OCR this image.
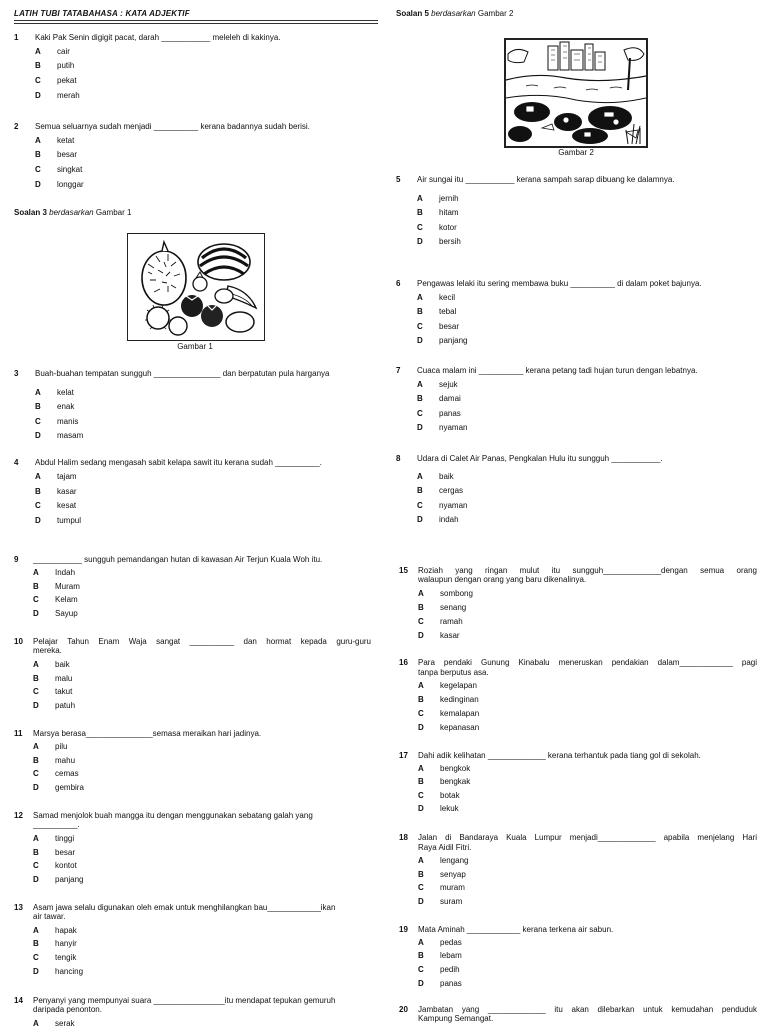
LATIH TUBI TATABAHASA : KATA ADJEKTIF
1	Kaki Pak Senin digigit pacat, darah ___________ meleleh di kakinya.
A cair
B putih
C pekat
D merah
2	Semua seluarnya sudah menjadi __________ kerana badannya sudah berisi.
A ketat
B besar
C singkat
D longgar
Soalan 3 berdasarkan Gambar 1
Gambar 1
3	Buah-buahan tempatan sungguh _______________ dan berpatutan pula harganya
A kelat
B enak
C manis
D masam
4	Abdul Halim sedang mengasah sabit kelapa sawit itu kerana sudah __________.
A tajam
B kasar
C kesat
D tumpul
9	___________ sungguh pemandangan hutan di kawasan Air Terjun Kuala Woh itu.
A Indah
B Muram
C Kelam
D Sayup
10	Pelajar Tahun Enam Waja sangat __________ dan hormat kepada guru-guru
mereka.
A baik
B malu
C takut
D patuh
11	Marsya berasa_______________semasa meraikan hari jadinya.
A pilu
B mahu
C cemas
D gembira
12	Samad menjolok buah mangga itu dengan menggunakan sebatang galah yang
__________.
A tinggi
B besar
C kontot
D panjang
13	Asam jawa selalu digunakan oleh emak untuk menghilangkan bau____________ikan
air tawar.
A hapak
B hanyir
C tengik
D hancing
14	Penyanyi yang mempunyai suara ________________itu mendapat tepukan gemuruh
daripada penonton.
A serak
Soalan 5 berdasarkan Gambar 2
Gambar 2
5	Air sungai itu ___________ kerana sampah sarap dibuang ke dalamnya.
A jernih
B hitam
C kotor
D bersih
6	Pengawas lelaki itu sering membawa buku __________ di dalam poket bajunya.
A kecil
B tebal
C besar
D panjang
7	Cuaca malam ini __________ kerana petang tadi hujan turun dengan lebatnya.
A sejuk
B damai
C panas
D nyaman
8	Udara di Calet Air Panas, Pengkalan Hulu itu sungguh ___________.
A baik
B cergas
C nyaman
D indah
15	Roziah yang ringan mulut itu sungguh_____________dengan semua orang
walaupun dengan orang yang baru dikenalinya.
A sombong
B senang
C ramah
D kasar
16	Para pendaki Gunung Kinabalu meneruskan pendakian dalam____________ pagi
tanpa berputus asa.
A kegelapan
B kedinginan
C kemalapan
D kepanasan
17	Dahi adik kelihatan _____________ kerana terhantuk pada tiang gol di sekolah.
A bengkok
B bengkak
C botak
D lekuk
18	Jalan di Bandaraya Kuala Lumpur menjadi_____________ apabila menjelang Hari
Raya Aidil Fitri.
A lengang
B senyap
C muram
D suram
19	Mata Aminah ____________ kerana terkena air sabun.
A pedas
B lebam
C pedih
D panas
20	Jambatan yang _____________ itu akan dilebarkan untuk kemudahan penduduk
Kampung Semangat.
